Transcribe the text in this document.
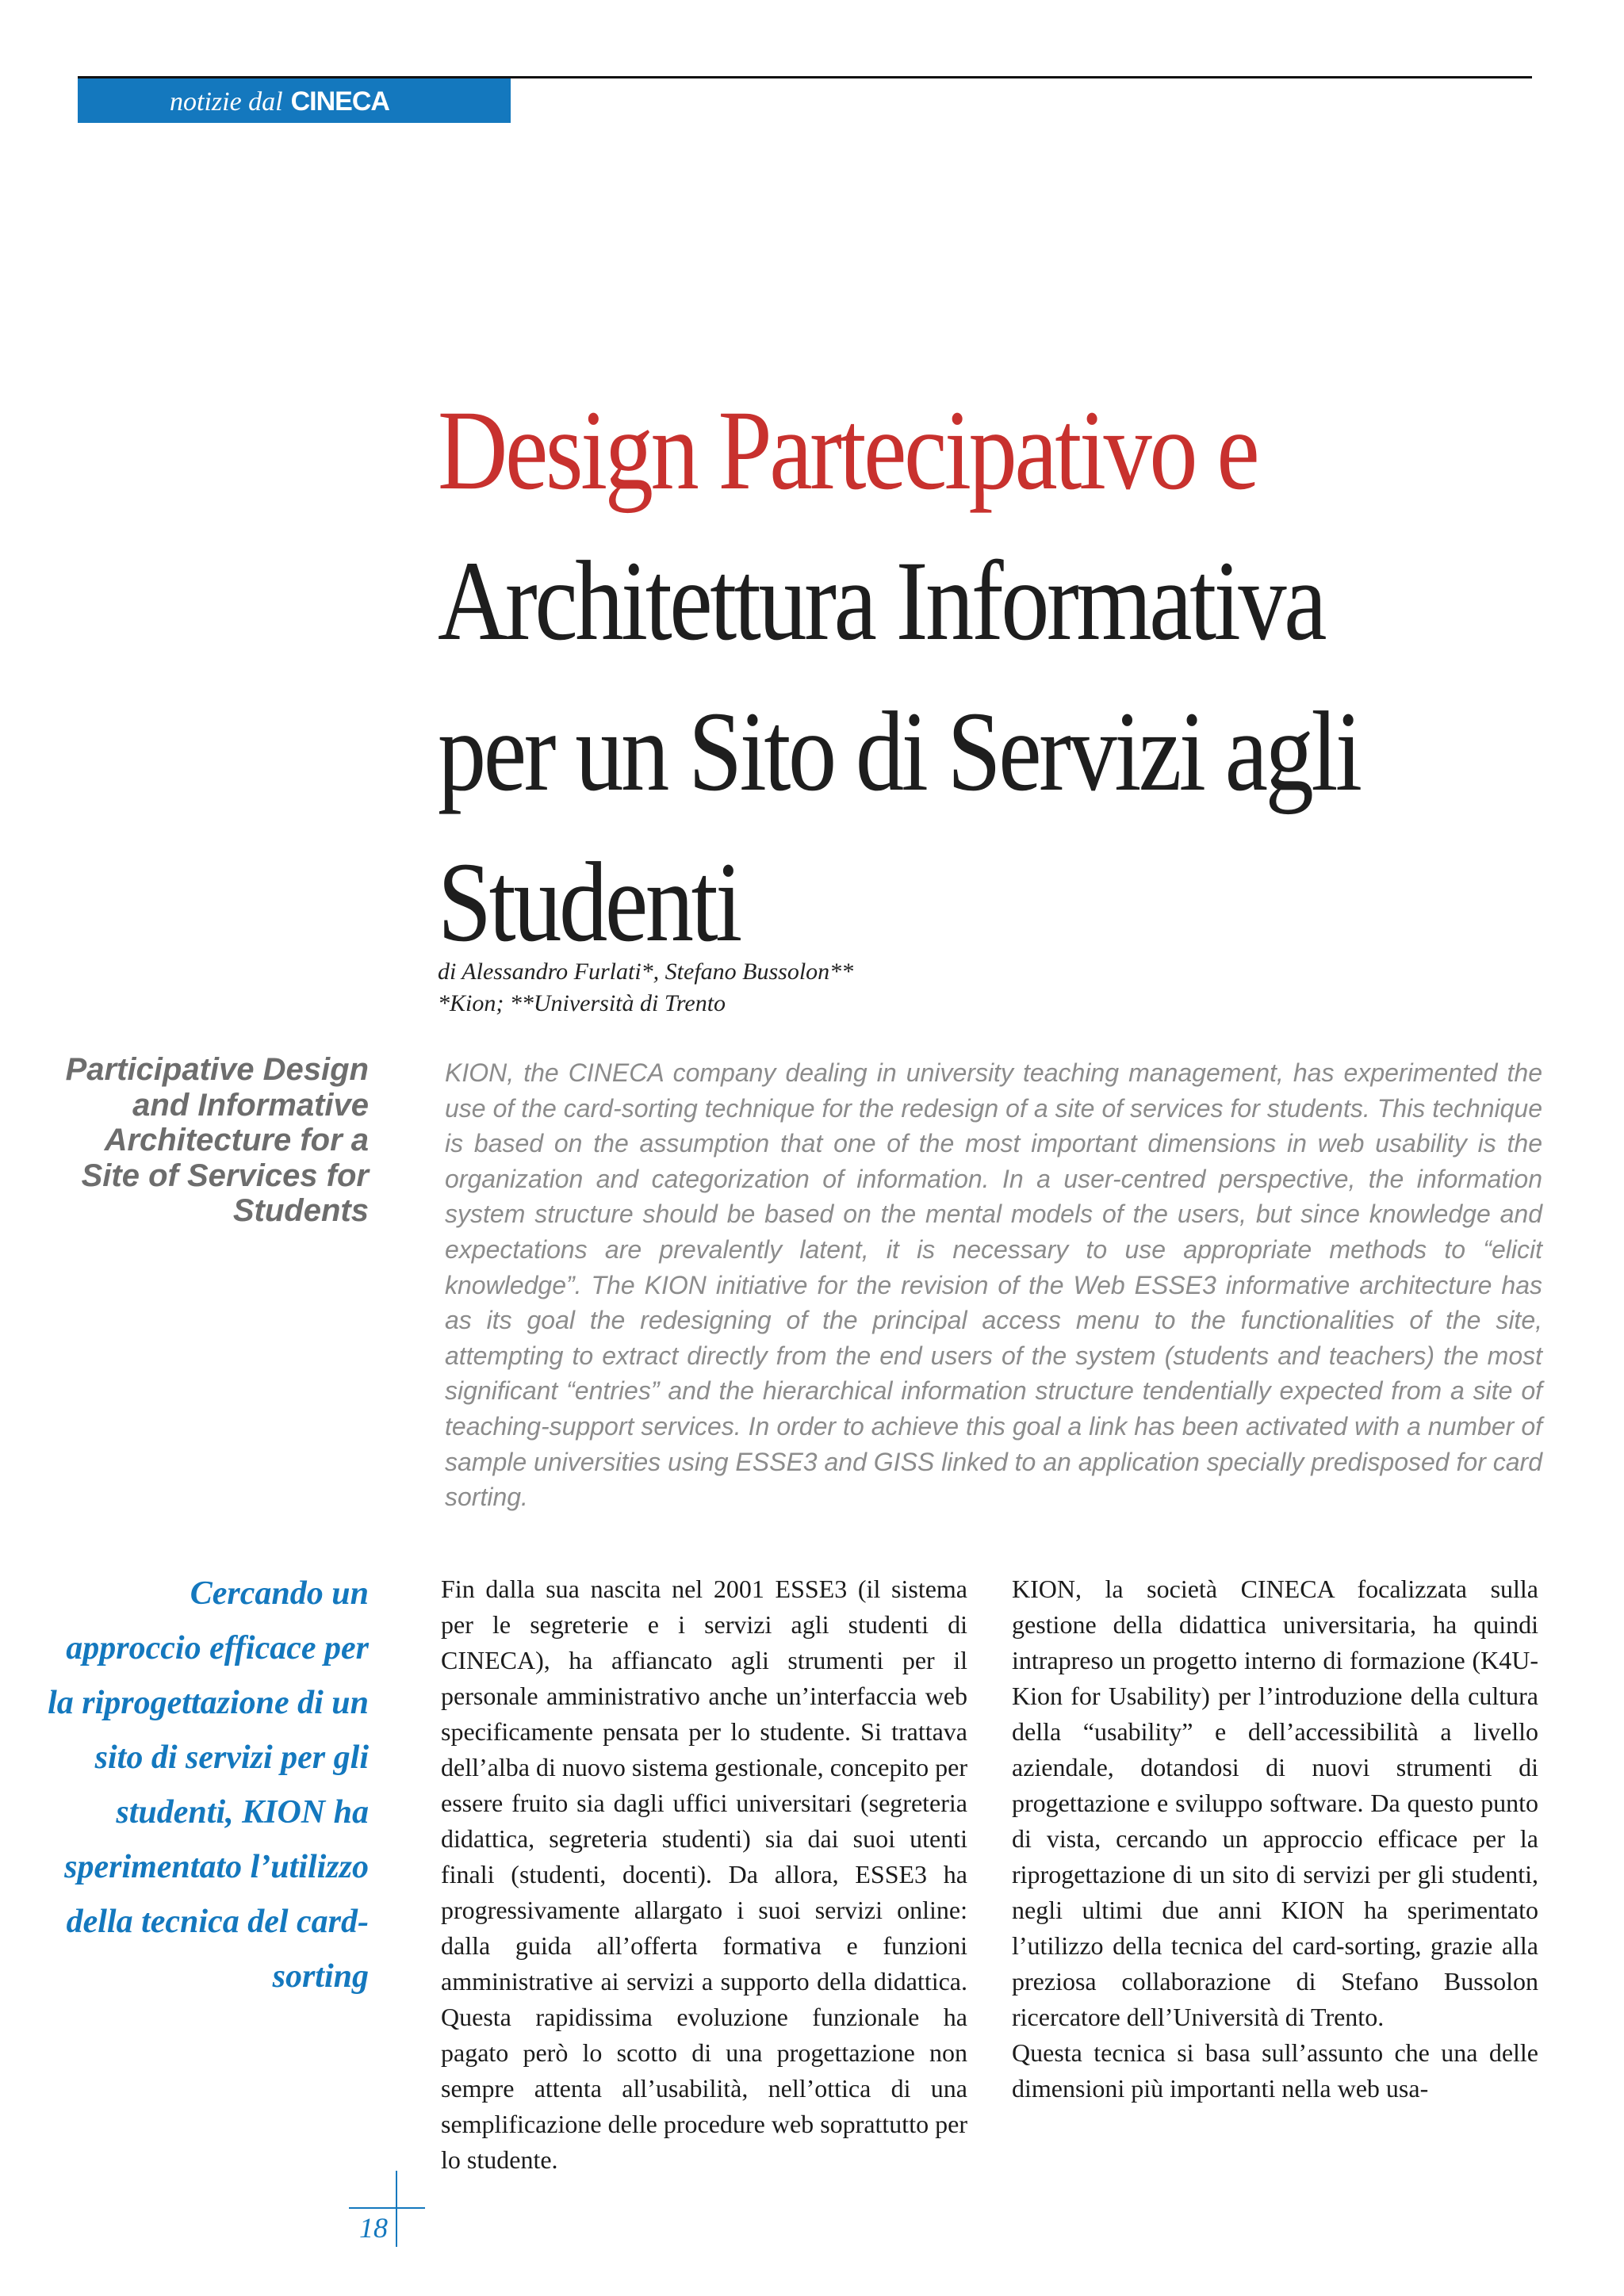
notizie dal CINECA
Design Partecipativo e
Architettura Informativa
per un Sito di Servizi agli
Studenti
di Alessandro Furlati*, Stefano Bussolon**
*Kion; **Università di Trento
Participative Design and Informative Architecture for a Site of Services for Students
KION, the CINECA company dealing in university teaching management, has experimented the use of the card-sorting technique for the redesign of a site of services for students. This technique is based on the assumption that one of the most important dimensions in web usability is the organization and categorization of information. In a user-centred perspective, the information system structure should be based on the mental models of the users, but since knowledge and expectations are prevalently latent, it is necessary to use appropriate methods to “elicit knowledge”. The KION initiative for the revision of the Web ESSE3 informative architecture has as its goal the redesigning of the principal access menu to the functionalities of the site, attempting to extract directly from the end users of the system (students and teachers) the most significant “entries” and the hierarchical information structure tendentially expected from a site of teaching-support services. In order to achieve this goal a link has been activated with a number of sample universities using ESSE3 and GISS linked to an application specially predisposed for card sorting.
Cercando un approccio efficace per la riprogettazione di un sito di servizi per gli studenti, KION ha sperimentato l’utilizzo della tecnica del card-sorting
Fin dalla sua nascita nel 2001 ESSE3 (il sistema per le segreterie e i servizi agli studenti di CINECA), ha affiancato agli strumenti per il personale amministrativo anche un’interfaccia web specificamente pensata per lo studente. Si trattava dell’alba di nuovo sistema gestionale, concepito per essere fruito sia dagli uffici universitari (segreteria didattica, segreteria studenti) sia dai suoi utenti finali (studenti, docenti). Da allora, ESSE3 ha progressivamente allargato i suoi servizi online: dalla guida all’offerta formativa e funzioni amministrative ai servizi a supporto della didattica. Questa rapidissima evoluzione funzionale ha pagato però lo scotto di una progettazione non sempre attenta all’usabilità, nell’ottica di una semplificazione delle procedure web soprattutto per lo studente.
KION, la società CINECA focalizzata sulla gestione della didattica universitaria, ha quindi intrapreso un progetto interno di formazione (K4U- Kion for Usability) per l’introduzione della cultura della “usability” e dell’accessibilità a livello aziendale, dotandosi di nuovi strumenti di progettazione e sviluppo software. Da questo punto di vista, cercando un approccio efficace per la riprogettazione di un sito di servizi per gli studenti, negli ultimi due anni KION ha sperimentato l’utilizzo della tecnica del card-sorting, grazie alla preziosa collaborazione di Stefano Bussolon ricercatore dell’Università di Trento.
Questa tecnica si basa sull’assunto che una delle dimensioni più importanti nella web usa-
18
